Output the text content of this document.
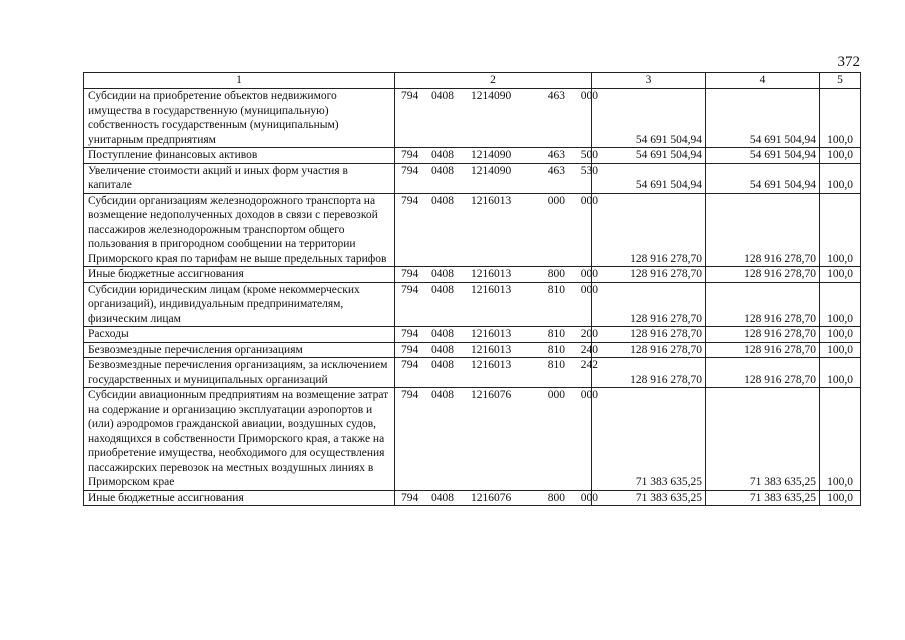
372
1	2	3	4	5
Субсидии на приобретение объектов недвижимого имущества в государственную (муниципальную) собственность государственным (муниципальным) унитарным предприятиям	794 0408 1214090 463 000	54 691 504,94	54 691 504,94	100,0
Поступление финансовых активов	794 0408 1214090 463 500	54 691 504,94	54 691 504,94	100,0
Увеличение стоимости акций и иных форм участия в капитале	794 0408 1214090 463 530	54 691 504,94	54 691 504,94	100,0
Субсидии организациям железнодорожного транспорта на возмещение недополученных доходов в связи с перевозкой пассажиров железнодорожным транспортом общего пользования в пригородном сообщении на территории Приморского края по тарифам не выше предельных тарифов	794 0408 1216013 000 000	128 916 278,70	128 916 278,70	100,0
Иные бюджетные ассигнования	794 0408 1216013 800 000	128 916 278,70	128 916 278,70	100,0
Субсидии юридическим лицам (кроме некоммерческих организаций), индивидуальным предпринимателям, физическим лицам	794 0408 1216013 810 000	128 916 278,70	128 916 278,70	100,0
Расходы	794 0408 1216013 810 200	128 916 278,70	128 916 278,70	100,0
Безвозмездные перечисления организациям	794 0408 1216013 810 240	128 916 278,70	128 916 278,70	100,0
Безвозмездные перечисления организациям, за исключением государственных и муниципальных организаций	794 0408 1216013 810 242	128 916 278,70	128 916 278,70	100,0
Субсидии авиационным предприятиям на возмещение затрат на содержание и организацию эксплуатации аэропортов и (или) аэродромов гражданской авиации, воздушных судов, находящихся в собственности Приморского края, а также на приобретение имущества, необходимого для осуществления пассажирских перевозок на местных воздушных линиях в Приморском крае	794 0408 1216076 000 000	71 383 635,25	71 383 635,25	100,0
Иные бюджетные ассигнования	794 0408 1216076 800 000	71 383 635,25	71 383 635,25	100,0
